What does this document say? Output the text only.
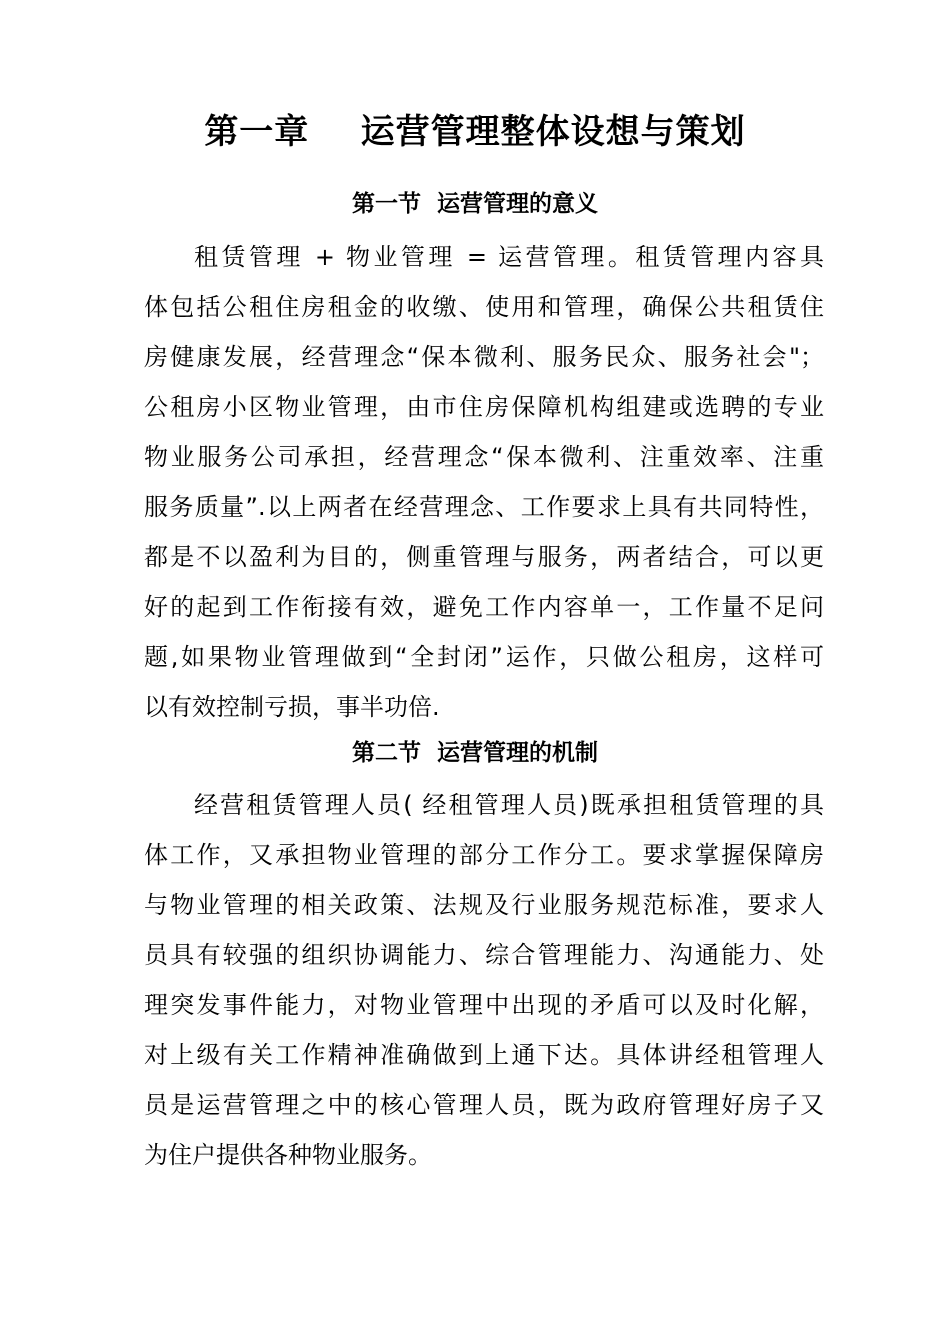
第一章    运营管理整体设想与策划
第一节  运营管理的意义
租赁管理 + 物业管理 = 运营管理。租赁管理内容具
体包括公租住房租金的收缴、使用和管理，确保公共租赁住
房健康发展，经营理念“保本微利、服务民众、服务社会"；
公租房小区物业管理，由市住房保障机构组建或选聘的专业
物业服务公司承担，经营理念“保本微利、注重效率、注重
服务质量”.以上两者在经营理念、工作要求上具有共同特性，
都是不以盈利为目的，侧重管理与服务，两者结合，可以更
好的起到工作衔接有效，避免工作内容单一，工作量不足问
题,如果物业管理做到“全封闭”运作，只做公租房，这样可
以有效控制亏损，事半功倍.
第二节  运营管理的机制
经营租赁管理人员( 经租管理人员)既承担租赁管理的具
体工作，又承担物业管理的部分工作分工。要求掌握保障房
与物业管理的相关政策、法规及行业服务规范标准，要求人
员具有较强的组织协调能力、综合管理能力、沟通能力、处
理突发事件能力，对物业管理中出现的矛盾可以及时化解，
对上级有关工作精神准确做到上通下达。具体讲经租管理人
员是运营管理之中的核心管理人员，既为政府管理好房子又
为住户提供各种物业服务。
